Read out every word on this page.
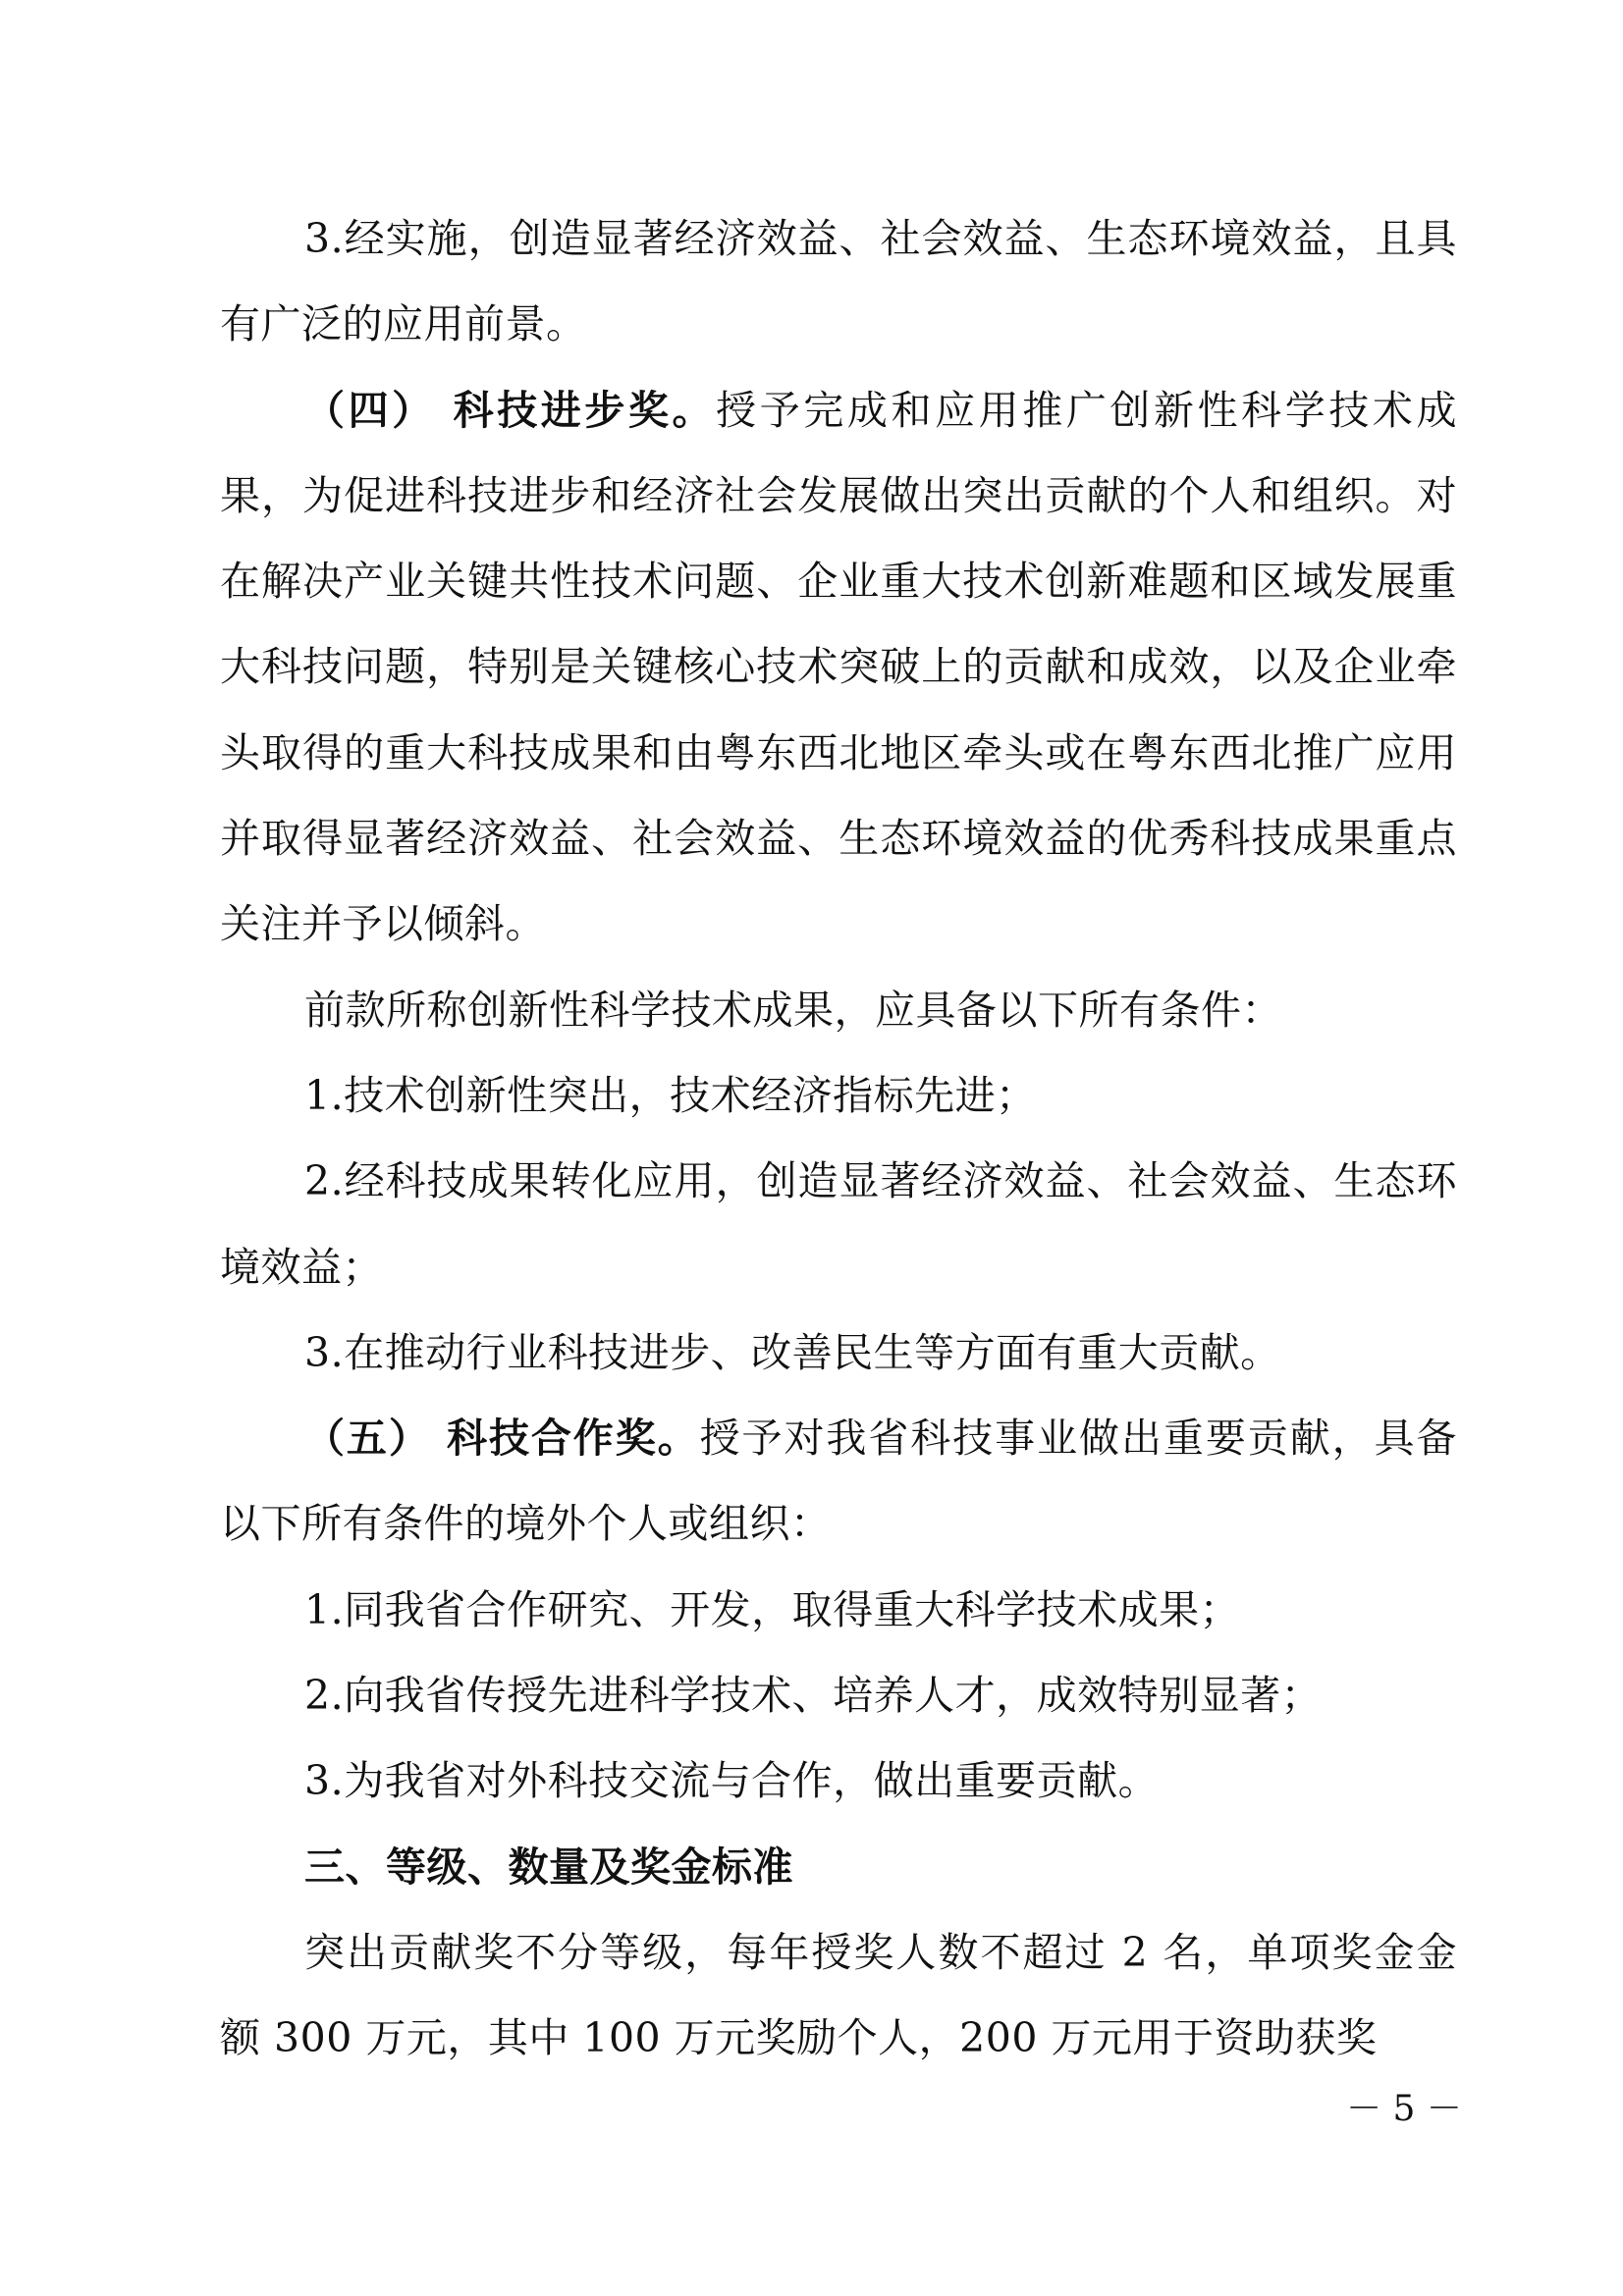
3.经实施，创造显著经济效益、社会效益、生态环境效益，且具有广泛的应用前景。

（四） 科技进步奖。授予完成和应用推广创新性科学技术成果，为促进科技进步和经济社会发展做出突出贡献的个人和组织。对在解决产业关键共性技术问题、企业重大技术创新难题和区域发展重大科技问题，特别是关键核心技术突破上的贡献和成效，以及企业牵头取得的重大科技成果和由粤东西北地区牵头或在粤东西北推广应用并取得显著经济效益、社会效益、生态环境效益的优秀科技成果重点关注并予以倾斜。

前款所称创新性科学技术成果，应具备以下所有条件：

1.技术创新性突出，技术经济指标先进；

2.经科技成果转化应用，创造显著经济效益、社会效益、生态环境效益；

3.在推动行业科技进步、改善民生等方面有重大贡献。

（五） 科技合作奖。授予对我省科技事业做出重要贡献，具备以下所有条件的境外个人或组织：

1.同我省合作研究、开发，取得重大科学技术成果；

2.向我省传授先进科学技术、培养人才，成效特别显著；

3.为我省对外科技交流与合作，做出重要贡献。

三、等级、数量及奖金标准

突出贡献奖不分等级，每年授奖人数不超过 2 名，单项奖金金额 300 万元，其中 100 万元奖励个人，200 万元用于资助获奖

－ 5 －
